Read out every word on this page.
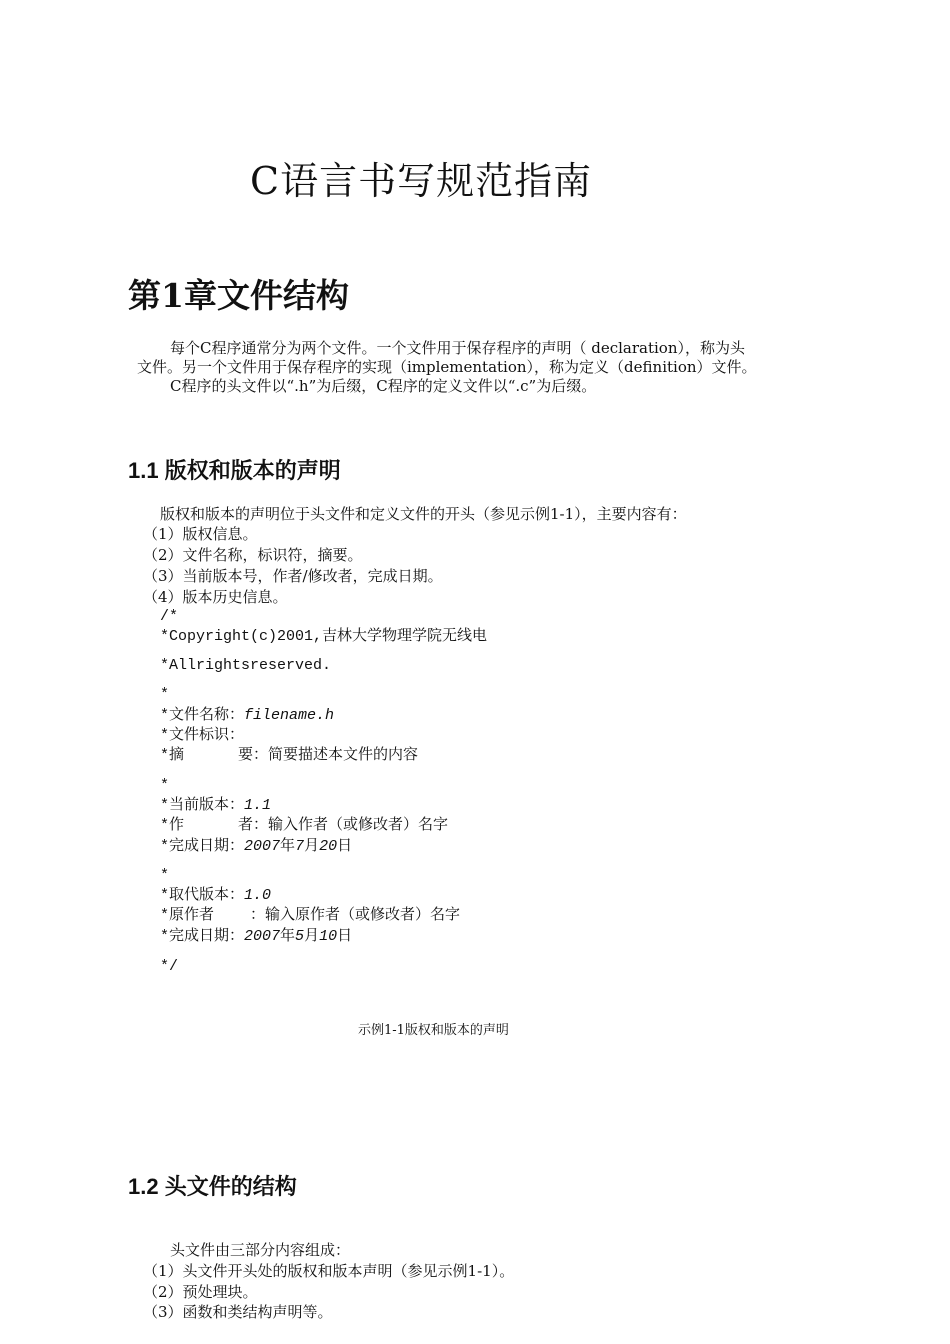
C语言书写规范指南
第1章文件结构

每个C程序通常分为两个文件。一个文件用于保存程序的声明（ declaration），称为头

文件。另一个文件用于保存程序的实现（implementation），称为定义（definition）文件。

C程序的头文件以“.h”为后缀，C程序的定义文件以“.c”为后缀。

1.1 版权和版本的声明

版权和版本的声明位于头文件和定义文件的开头（参见示例1-1），主要内容有：

（1）版权信息。

（2）文件名称，标识符，摘要。

（3）当前版本号，作者/修改者，完成日期。

（4）版本历史信息。

/*

*Copyright(c)2001,吉林大学物理学院无线电

*Allrightsreserved.

*

*文件名称：filename.h

*文件标识：

*摘      要：简要描述本文件的内容

*

*当前版本：1.1

*作      者：输入作者（或修改者）名字

*完成日期：2007年7月20日

*

*取代版本：1.0

*原作者    ：输入原作者（或修改者）名字

*完成日期：2007年5月10日

*/

示例1-1版权和版本的声明

1.2 头文件的结构

头文件由三部分内容组成：

（1）头文件开头处的版权和版本声明（参见示例1-1）。

（2）预处理块。

（3）函数和类结构声明等。
